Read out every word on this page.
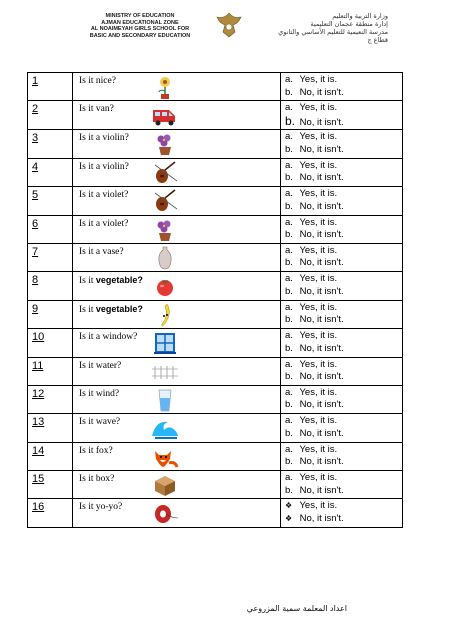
MINISTRY OF EDUCATION
AJMAN EDUCATIONAL ZONE
AL NOAIMEYAH GIRLS SCHOOL FOR
BASIC AND SECONDARY EDUCATION
وزارة التربية والتعليم
إدارة منطقة عجمان التعليمية
مدرسة النعيمية للتعليم الأساسي والثانوي
قطاع ج
1	Is it nice?	a. Yes, it is.
b. No, it isn't.

2	Is it van?	a. Yes, it is.
b. No, it isn't.

3	Is it a violin?	a. Yes, it is.
b. No, it isn't.

4	Is it a violin?	a. Yes, it is.
b. No, it isn't.

5	Is it a violet?	a. Yes, it is.
b. No, it isn't.

6	Is it a violet?	a. Yes, it is.
b. No, it isn't.

7	Is it a vase?	a. Yes, it is.
b. No, it isn't.

8	Is it vegetable?	a. Yes, it is.
b. No, it isn't.

9	Is it vegetable?	a. Yes, it is.
b. No, it isn't.

10	Is it a window?	a. Yes, it is.
b. No, it isn't.

11	Is it water?	a. Yes, it is.
b. No, it isn't.

12	Is it wind?	a. Yes, it is.
b. No, it isn't.

13	Is it wave?	a. Yes, it is.
b. No, it isn't.

14	Is it fox?	a. Yes, it is.
b. No, it isn't.

15	Is it box?	a. Yes, it is.
b. No, it isn't.

16	Is it yo-yo?	❖ Yes, it is.
❖ No, it isn't.
اعداد المعلمة سمية المزروعي
